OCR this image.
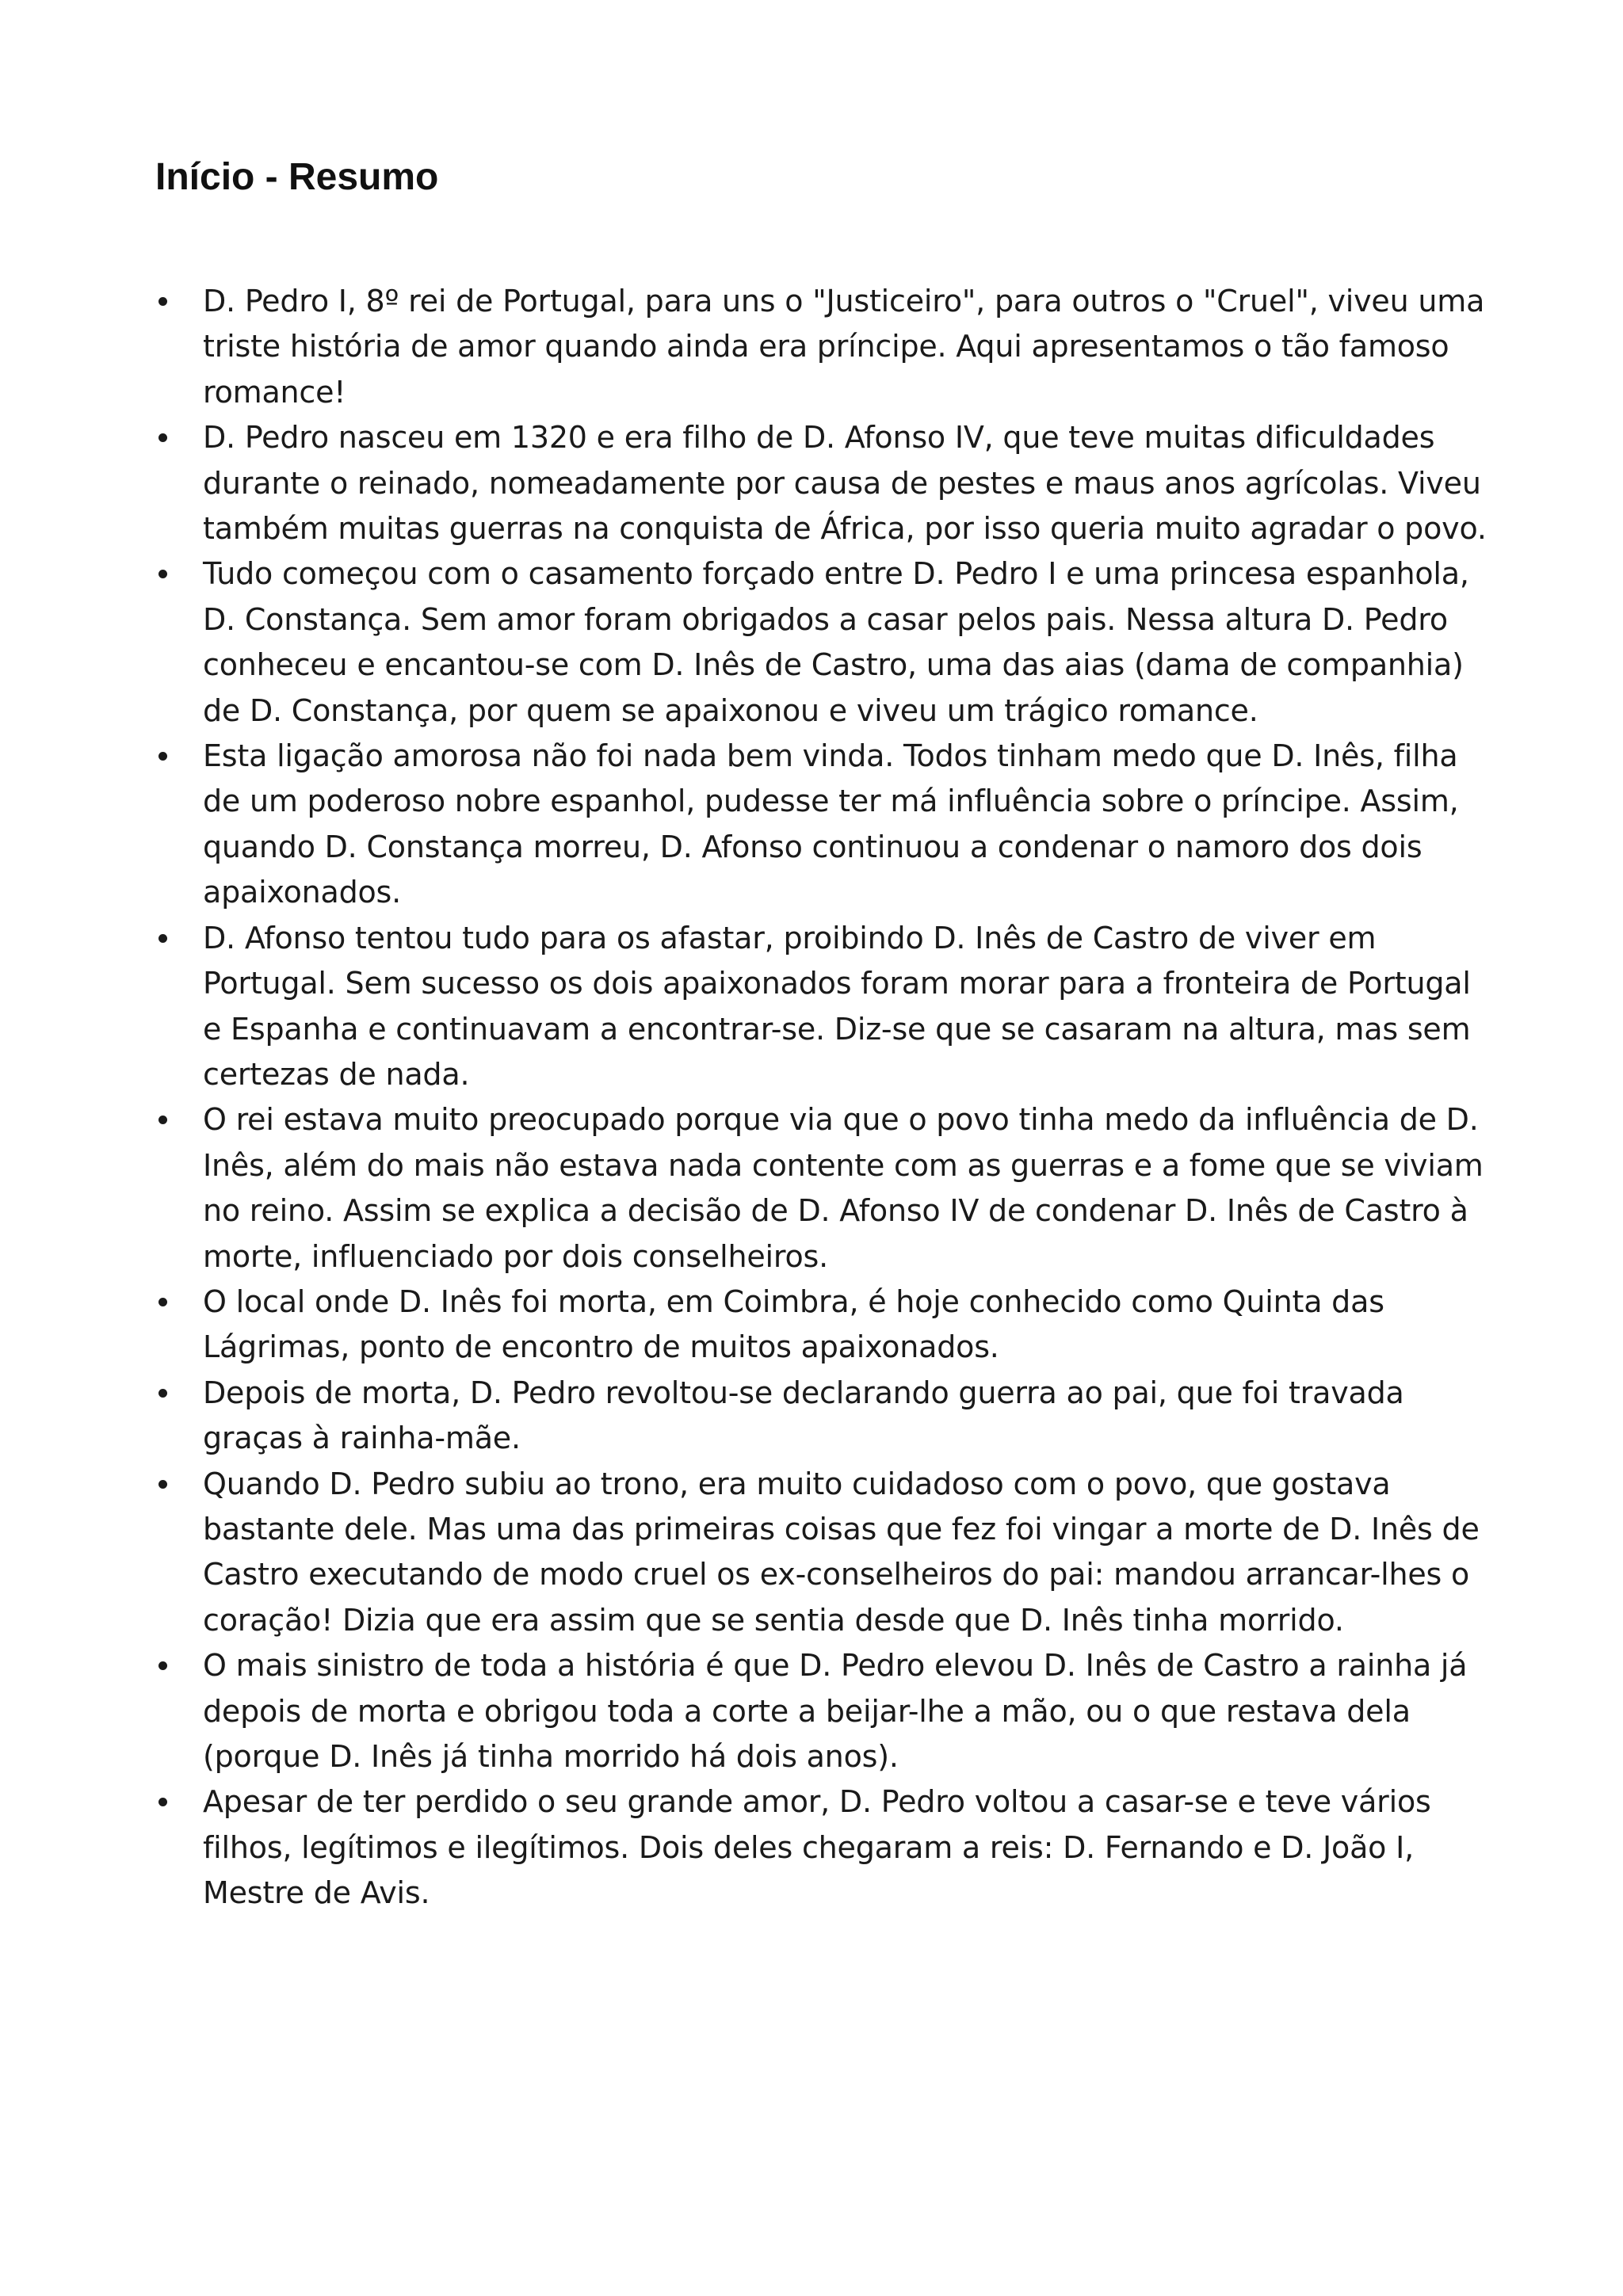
Início - Resumo
D. Pedro I, 8º rei de Portugal, para uns o "Justiceiro", para outros o "Cruel", viveu uma triste história de amor quando ainda era príncipe. Aqui apresentamos o tão famoso romance!
D. Pedro nasceu em 1320 e era filho de D. Afonso IV, que teve muitas dificuldades durante o reinado, nomeadamente por causa de pestes e maus anos agrícolas. Viveu também muitas guerras na conquista de África, por isso queria muito agradar o povo.
Tudo começou com o casamento forçado entre D. Pedro I e uma princesa espanhola, D. Constança. Sem amor foram obrigados a casar pelos pais. Nessa altura D. Pedro conheceu e encantou-se com D. Inês de Castro, uma das aias (dama de companhia) de D. Constança, por quem se apaixonou e viveu um trágico romance.
Esta ligação amorosa não foi nada bem vinda. Todos tinham medo que D. Inês, filha de um poderoso nobre espanhol, pudesse ter má influência sobre o príncipe. Assim, quando D. Constança morreu, D. Afonso continuou a condenar o namoro dos dois apaixonados.
D. Afonso tentou tudo para os afastar, proibindo D. Inês de Castro de viver em Portugal. Sem sucesso os dois apaixonados foram morar para a fronteira de Portugal e Espanha e continuavam a encontrar-se. Diz-se que se casaram na altura, mas sem certezas de nada.
O rei estava muito preocupado porque via que o povo tinha medo da influência de D. Inês, além do mais não estava nada contente com as guerras e a fome que se viviam no reino. Assim se explica a decisão de D. Afonso IV de condenar D. Inês de Castro à morte, influenciado por dois conselheiros.
O local onde D. Inês foi morta, em Coimbra, é hoje conhecido como Quinta das Lágrimas, ponto de encontro de muitos apaixonados.
Depois de morta, D. Pedro revoltou-se declarando guerra ao pai, que foi travada graças à rainha-mãe.
Quando D. Pedro subiu ao trono, era muito cuidadoso com o povo, que gostava bastante dele. Mas uma das primeiras coisas que fez foi vingar a morte de D. Inês de Castro executando de modo cruel os ex-conselheiros do pai: mandou arrancar-lhes o coração! Dizia que era assim que se sentia desde que D. Inês tinha morrido.
O mais sinistro de toda a história é que D. Pedro elevou D. Inês de Castro a rainha já depois de morta e obrigou toda a corte a beijar-lhe a mão, ou o que restava dela (porque D. Inês já tinha morrido há dois anos).
Apesar de ter perdido o seu grande amor, D. Pedro voltou a casar-se e teve vários filhos, legítimos e ilegítimos. Dois deles chegaram a reis: D. Fernando e D. João I, Mestre de Avis.
